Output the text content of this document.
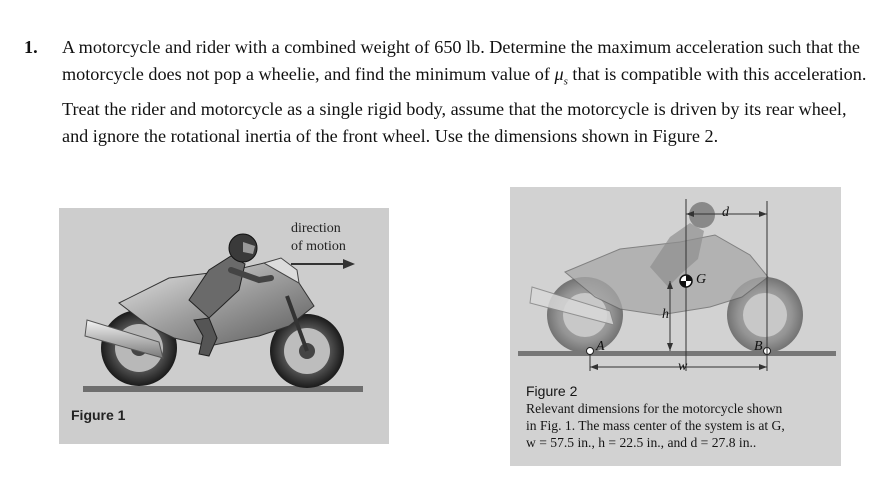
1. A motorcycle and rider with a combined weight of 650 lb. Determine the maximum acceleration such that the motorcycle does not pop a wheelie, and find the minimum value of $\mu_s$ that is compatible with this acceleration. Treat the rider and motorcycle as a single rigid body, assume that the motorcycle is driven by its rear wheel, and ignore the rotational inertia of the front wheel. Use the dimensions shown in Figure 2.
direction
of motion
Figure 1
d
G
h
A	B
w
Figure 2
Relevant dimensions for the motorcycle shown
in Fig. 1. The mass center of the system is at G,
w = 57.5 in., h = 22.5 in., and d = 27.8 in..
